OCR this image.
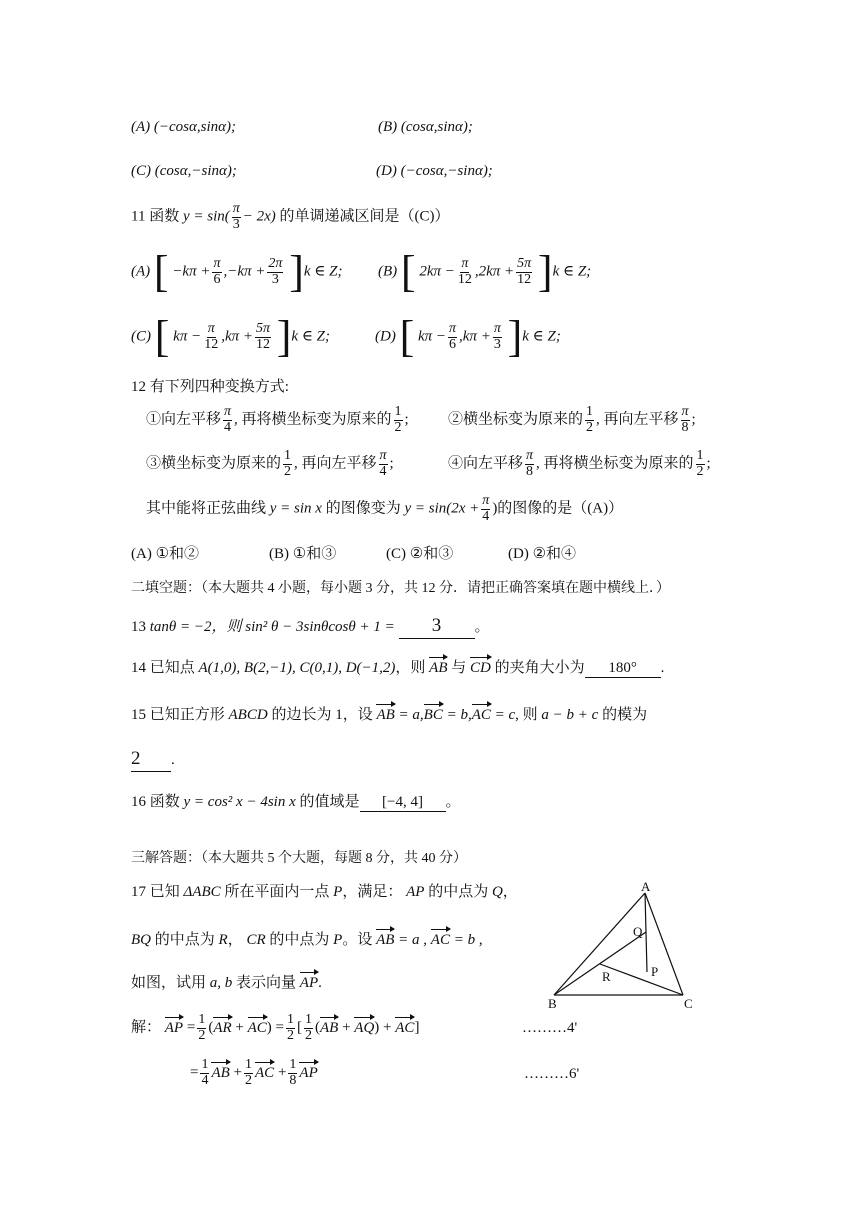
(A) (−cosα,sinα);	(B) (cosα,sinα);
(C) (cosα,−sinα);	(D) (−cosα,−sinα);
11 函数 $y = \sin( \frac{\pi}{3} - 2x)$ 的单调递减区间是（(C)）
(A) [ $-k\pi + \frac{\pi}{6} ,-k\pi + \frac{2\pi}{3} ]k$ ∈ Z; (B) [ $2k\pi - \frac{\pi}{12} ,2k\pi + \frac{5\pi}{12} ]k$ ∈ Z;
(C) [ $k\pi - \frac{\pi}{12} ,k\pi + \frac{5\pi}{12} ]k$ ∈ Z;	(D) [ $k\pi - \frac{\pi}{6} ,k\pi + \frac{\pi}{3} ]k$ ∈ Z;
12 有下列四种变换方式:
①向左平移 $\frac{\pi}{4}$ , 再将横坐标变为原来的 $\frac{1}{2}$ ;	②横坐标变为原来的 $\frac{1}{2}$ , 再向左平移 $\frac{\pi}{8}$ ;
③横坐标变为原来的 $\frac{1}{2}$ , 再向左平移 $\frac{\pi}{4}$ ;	④向左平移 $\frac{\pi}{8}$ , 再将横坐标变为原来的 $\frac{1}{2}$ ;
其中能将正弦曲线 y = sin x 的图像变为 $y = \sin(2x + \frac{\pi}{4}$ )的图像的是（(A)）
(A) ①和②	(B) ①和③	(C) ②和③	(D) ②和④
二填空题：（本大题共 4 小题，每小题 3 分，共 12 分．请把正确答案填在题中横线上．）
13 tanθ = −2，则 sin² θ − 3sinθcosθ + 1 = 3 。
14 已知点 A(1,0), B(2,−1), C(0,1), D(−1,2)，则 AB 与 CD 的夹角大小为 180° .
15 已知正方形 ABCD 的边长为 1，设 AB = a,BC = b,AC = c, 则 a − b + c 的模为
2 .
16 函数 y = cos² x − 4sin x 的值域是 [−4, 4] 。
三解答题：（本大题共 5 个大题，每题 8 分，共 40 分）
17 已知 ΔABC 所在平面内一点 P，满足： AP 的中点为 Q，
BQ 的中点为 R， CR 的中点为 P。设 AB = a , AC = b ,
如图，试用 a, b 表示向量 AP.
解： AP = $\frac{1}{2} (AR + AC) = \frac{1}{2}$ [ $\frac{1}{2} (AB + AQ) + AC$]	………4'
= $\frac{1}{4}$ AB + $\frac{1}{2}$ AC + $\frac{1}{8}$ AP	………6'
A
B	C
P
Q
R
